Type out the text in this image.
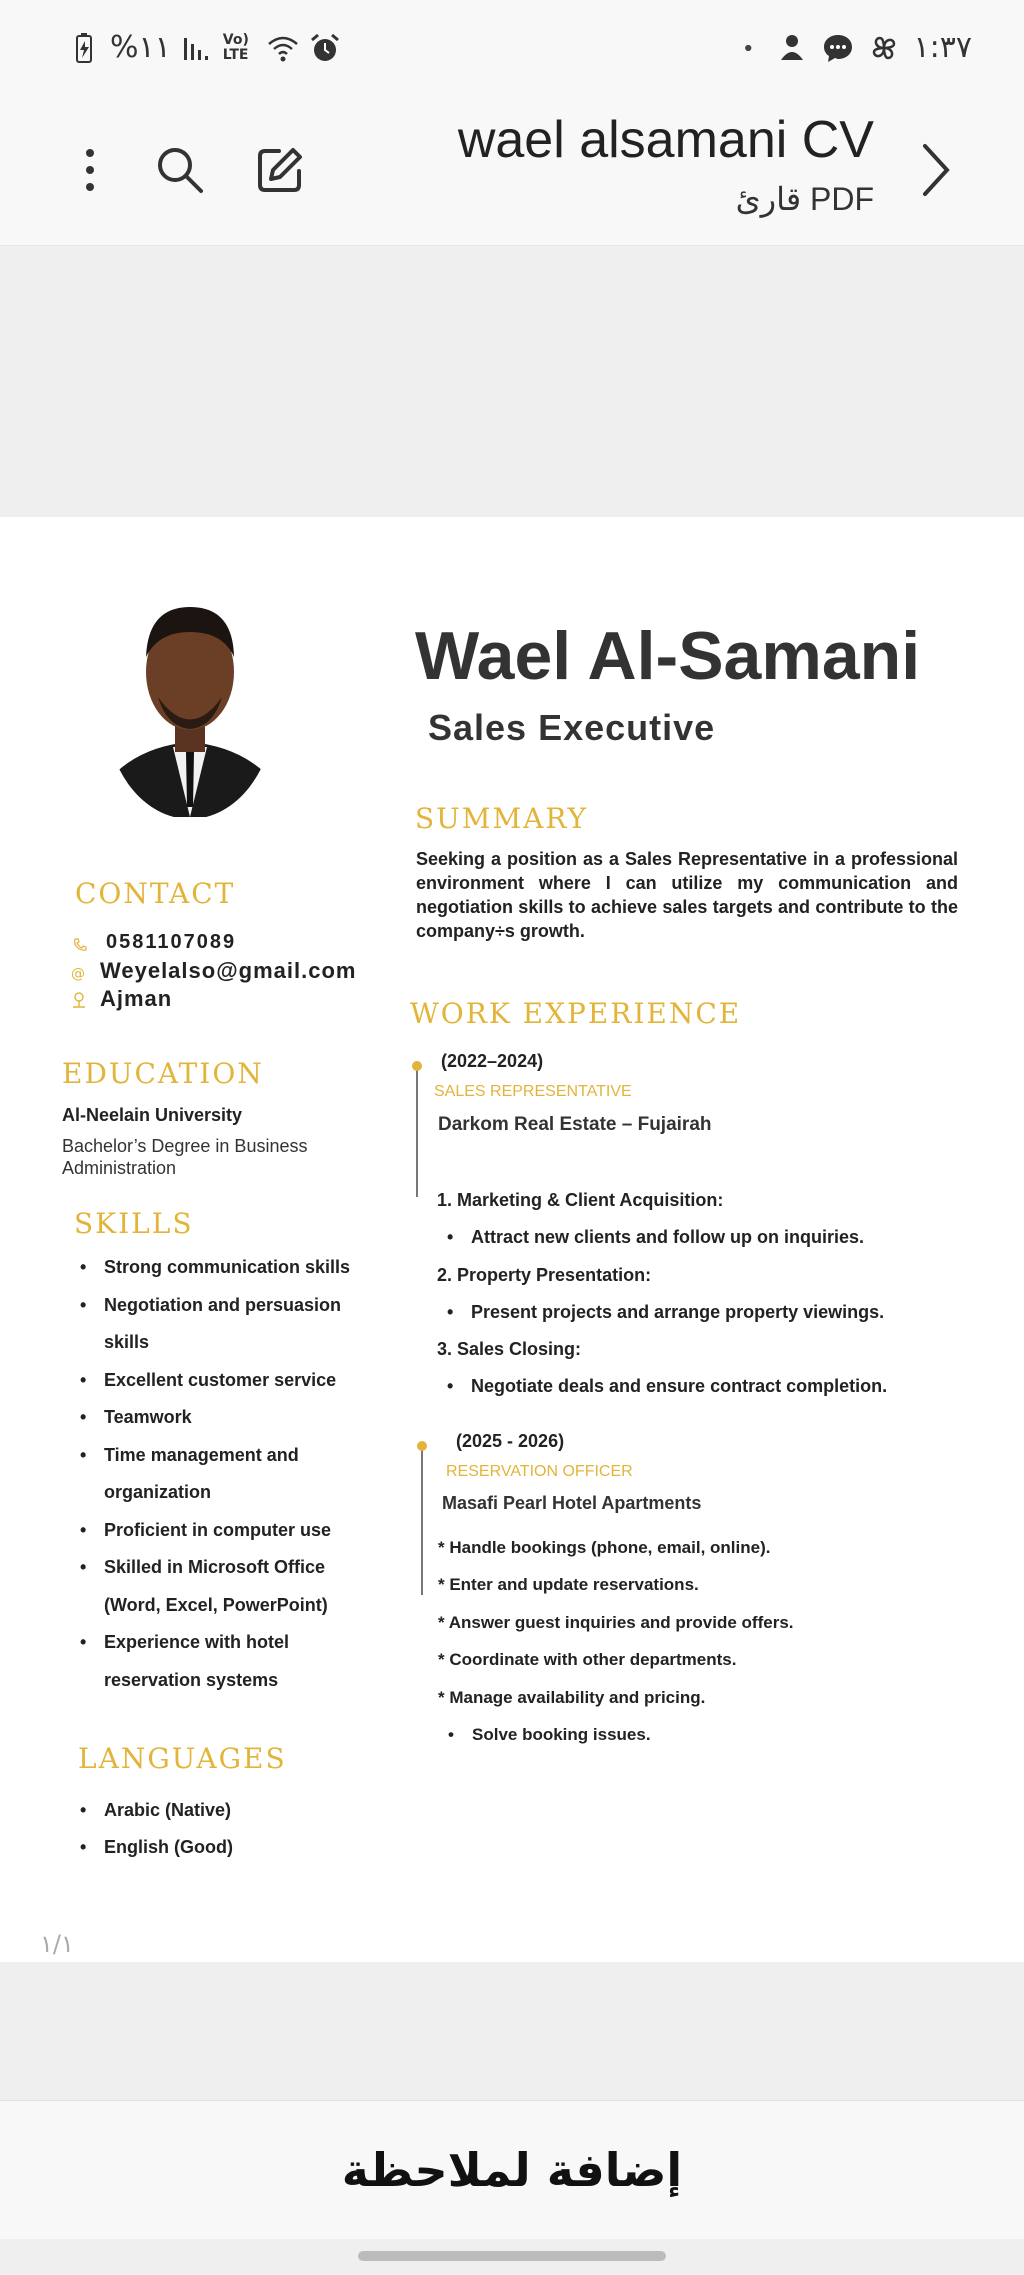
%١١	Vo) LTE	١:٣٧
wael alsamani CV
قارئ PDF
Wael Al-Samani
Sales Executive
SUMMARY
Seeking a position as a Sales Representative in a professional environment where I can utilize my communication and negotiation skills to achieve sales targets and contribute to the company÷s growth.
CONTACT
0581107089
@ Weyelalso@gmail.com
Ajman
EDUCATION
Al-Neelain University
Bachelor’s Degree in Business Administration
SKILLS
• Strong communication skills
• Negotiation and persuasion skills
• Excellent customer service
• Teamwork
• Time management and organization
• Proficient in computer use
• Skilled in Microsoft Office (Word, Excel, PowerPoint)
• Experience with hotel reservation systems
LANGUAGES
• Arabic (Native)
• English (Good)
WORK EXPERIENCE
(2022–2024)
SALES REPRESENTATIVE
Darkom Real Estate – Fujairah
1. Marketing & Client Acquisition:
• Attract new clients and follow up on inquiries.
2. Property Presentation:
• Present projects and arrange property viewings.
3. Sales Closing:
• Negotiate deals and ensure contract completion.
(2025 - 2026)
RESERVATION OFFICER
Masafi Pearl Hotel Apartments
* Handle bookings (phone, email, online).
* Enter and update reservations.
* Answer guest inquiries and provide offers.
* Coordinate with other departments.
* Manage availability and pricing.
• Solve booking issues.
١/١
إضافة لملاحظة
